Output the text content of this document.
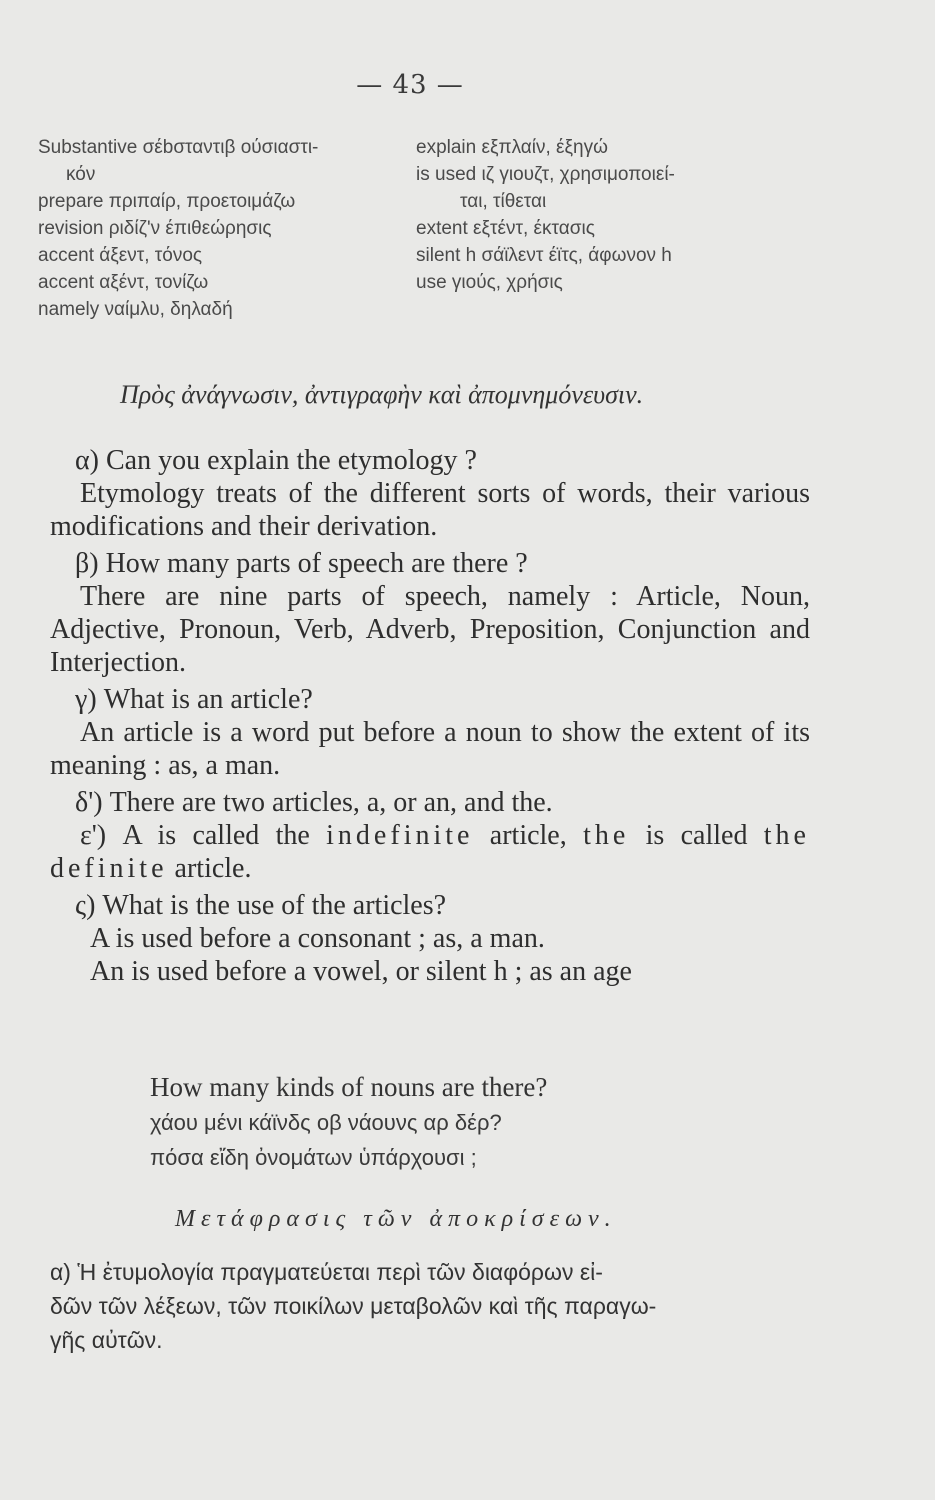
— 43 —
Substantive σέbσταντιβ ούσιαστι-
κόν
prepare πριπαίρ, προετοιμάζω
revision ριδίζ'ν έπιθεώρησις
accent άξεντ, τόνος
accent αξέντ, τονίζω
namely ναίμλυ, δηλαδή
explain εξπλαίν, έξηγώ
is used ιζ γιουζτ, χρησιμοποιεί-
ται, τίθεται
extent εξτέντ, έκτασις
silent h σάϊλεντ έϊτς, άφωνον h
use γιούς, χρήσις
Πρὸς ἀνάγνωσιν, ἀντιγραφὴν καὶ ἀπομνημόνευσιν.
α) Can you explain the etymology ?
Etymology treats of the different sorts of words, their various modifications and their derivation.
β) How many parts of speech are there ?
There are nine parts of speech, namely : Article, Noun, Adjective, Pronoun, Verb, Adverb, Preposition, Conjunction and Interjection.
γ) What is an article?
An article is a word put before a noun to show the extent of its meaning : as, a man.
δ') There are two articles, a, or an, and the.
ε') A is called the indefinite article, the is called the definite article.
ς) What is the use of the articles?
A is used before a consonant ; as, a man.
An is used before a vowel, or silent h ; as an age
How many kinds of nouns are there?
χάου μένι κάϊνδς οβ νάουνς αρ δέρ?
πόσα εἴδη ὀνομάτων ὑπάρχουσι ;
Μετάφρασις τῶν ἀποκρίσεων.
α) Ἡ ἐτυμολογία πραγματεύεται περὶ τῶν διαφόρων εἰ-
δῶν τῶν λέξεων, τῶν ποικίλων μεταβολῶν καὶ τῆς παραγω-
γῆς αὐτῶν.
